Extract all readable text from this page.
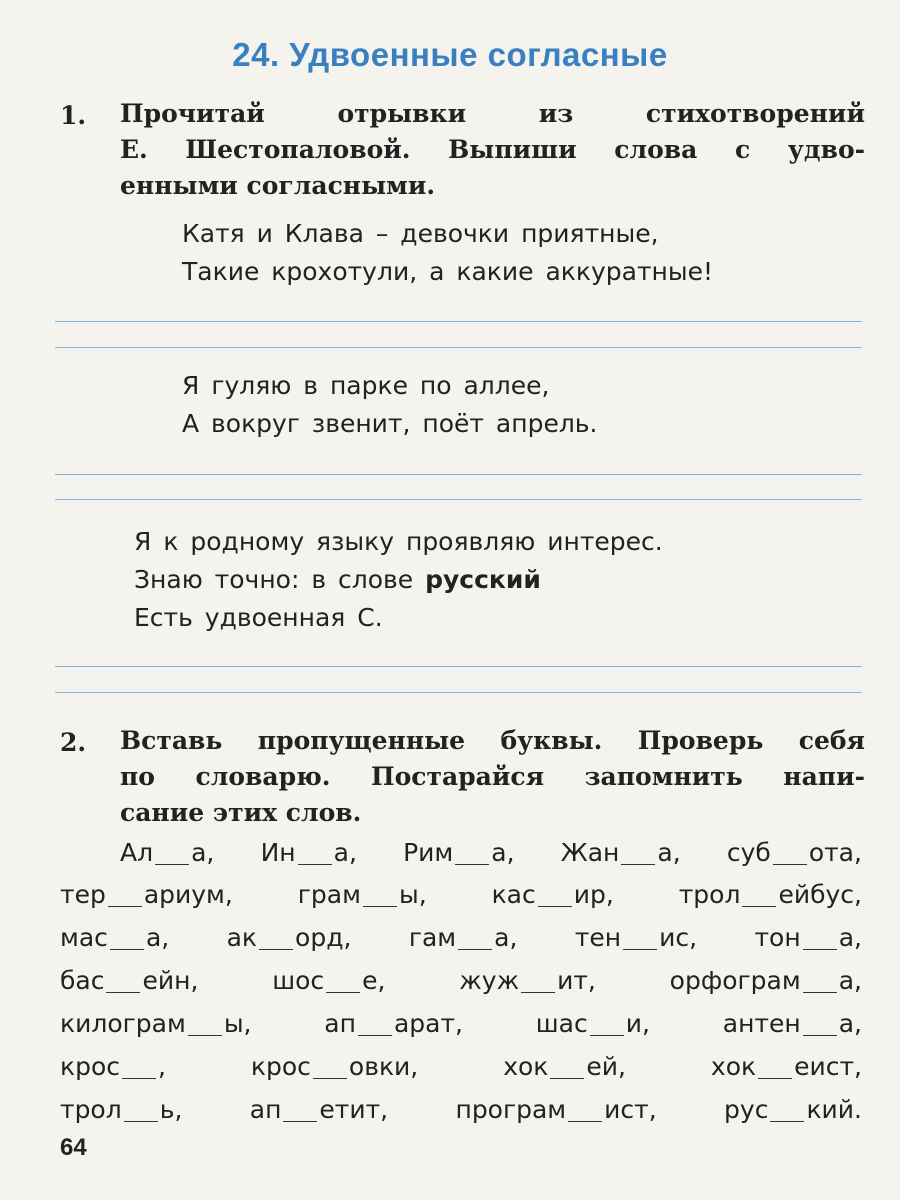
24. Удвоенные согласные
1. Прочитай отрывки из стихотворений
Е. Шестопаловой. Выпиши слова с удво-
енными согласными.
Катя и Клава – девочки приятные,
Такие крохотули, а какие аккуратные!
Я гуляю в парке по аллее,
А вокруг звенит, поёт апрель.
Я к родному языку проявляю интерес.
Знаю точно: в слове русский
Есть удвоенная С.
2. Вставь пропущенные буквы. Проверь себя
по словарю. Постарайся запомнить напи-
сание этих слов.
Ал а, Ин а, Рим а, Жан а, суб ота,
тер ариум,	грам ы,	кас ир,	трол ейбус,
мас а, ак орд, гам а, тен ис, тон а,
бас ейн,	шос е,	жуж ит,	орфограм а,
килограм ы,	ап арат,	шас и,	антен а,
крос ,	крос овки,	хок ей,	хок еист,
трол ь,	ап етит,	програм ист,	рус кий.
64
